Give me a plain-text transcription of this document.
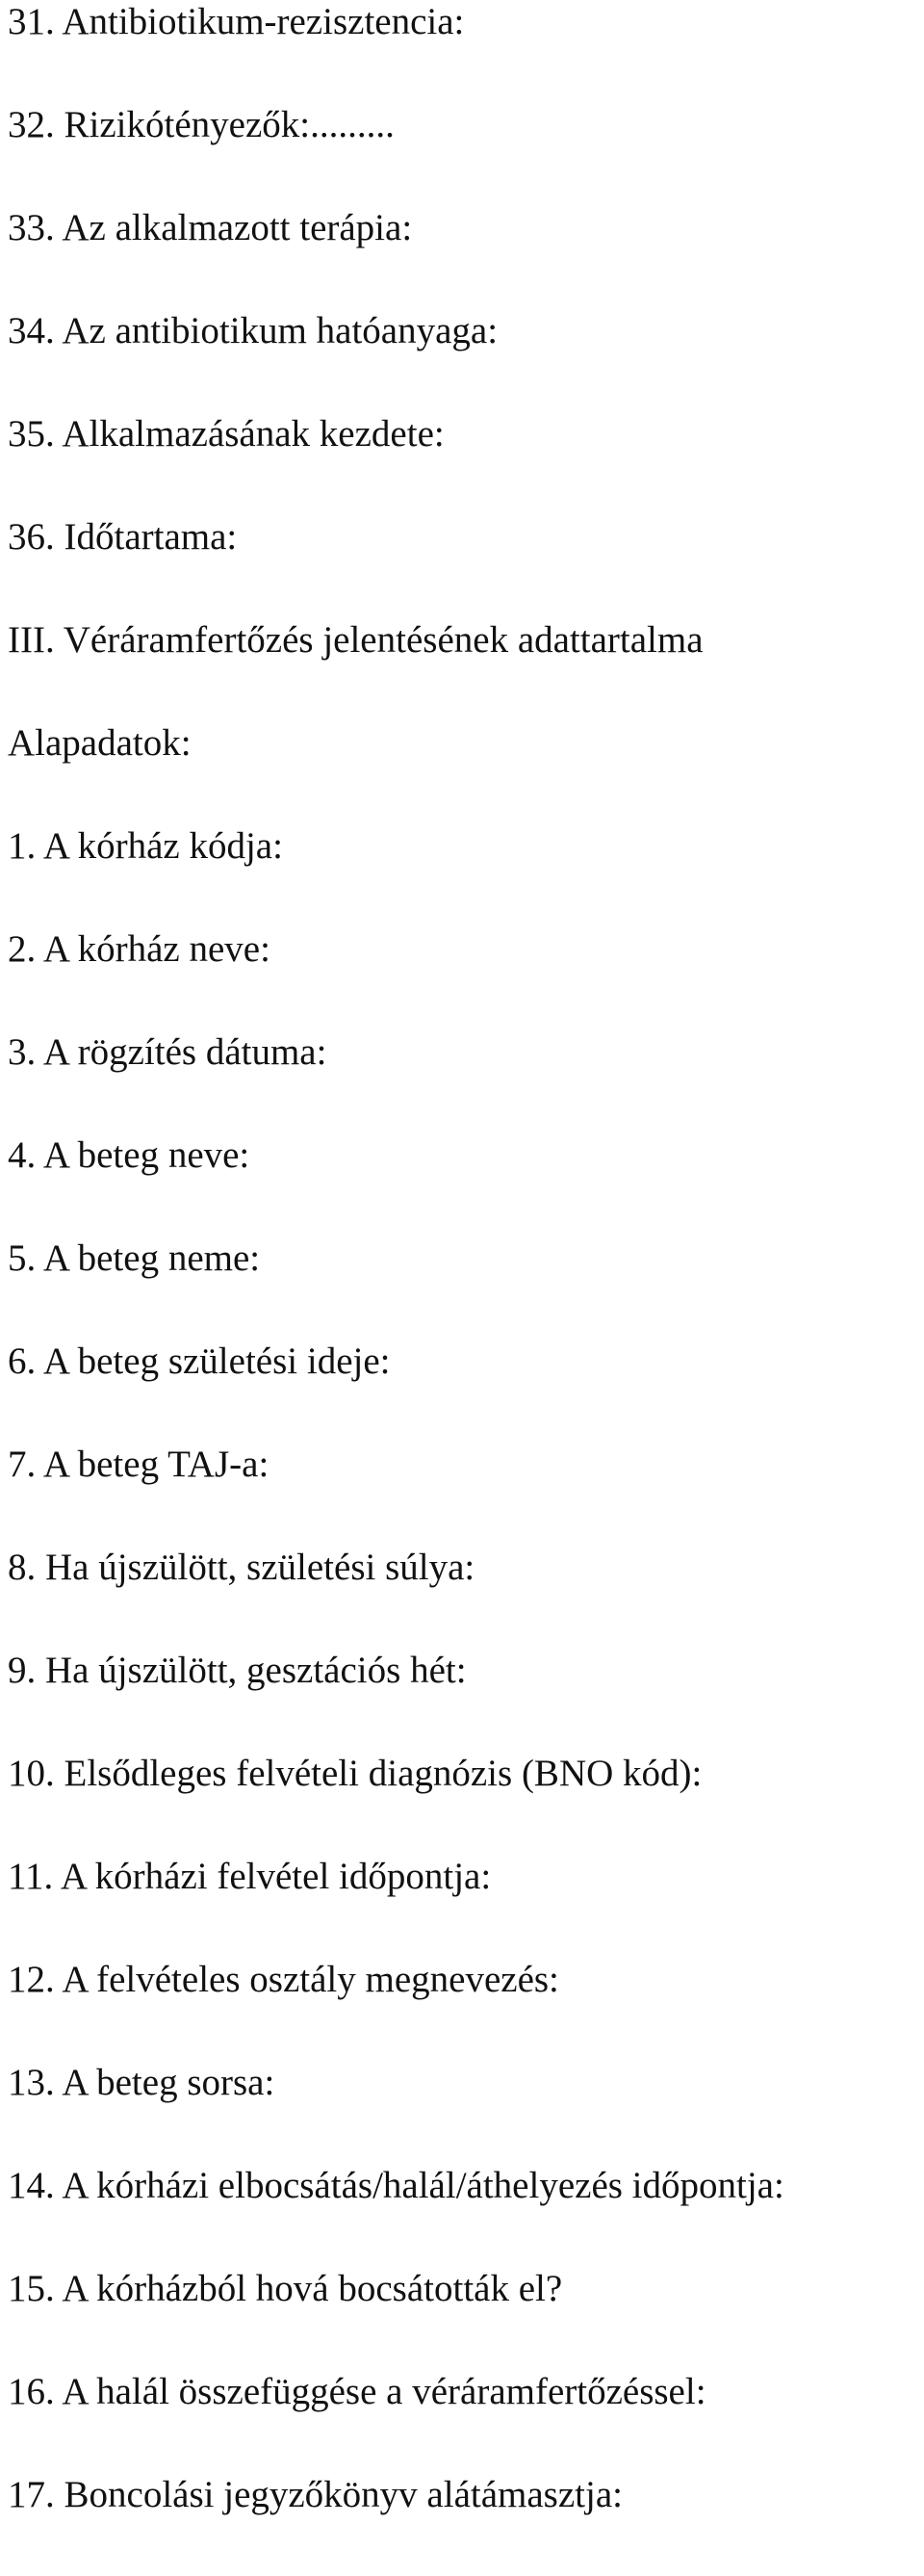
31. Antibiotikum-rezisztencia:
32. Rizikótényezők:.........
33. Az alkalmazott terápia:
34. Az antibiotikum hatóanyaga:
35. Alkalmazásának kezdete:
36. Időtartama:
III. Véráramfertőzés jelentésének adattartalma
Alapadatok:
1. A kórház kódja:
2. A kórház neve:
3. A rögzítés dátuma:
4. A beteg neve:
5. A beteg neme:
6. A beteg születési ideje:
7. A beteg TAJ-a:
8. Ha újszülött, születési súlya:
9. Ha újszülött, gesztációs hét:
10. Elsődleges felvételi diagnózis (BNO kód):
11. A kórházi felvétel időpontja:
12. A felvételes osztály megnevezés:
13. A beteg sorsa:
14. A kórházi elbocsátás/halál/áthelyezés időpontja:
15. A kórházból hová bocsátották el?
16. A halál összefüggése a véráramfertőzéssel:
17. Boncolási jegyzőkönyv alátámasztja:
